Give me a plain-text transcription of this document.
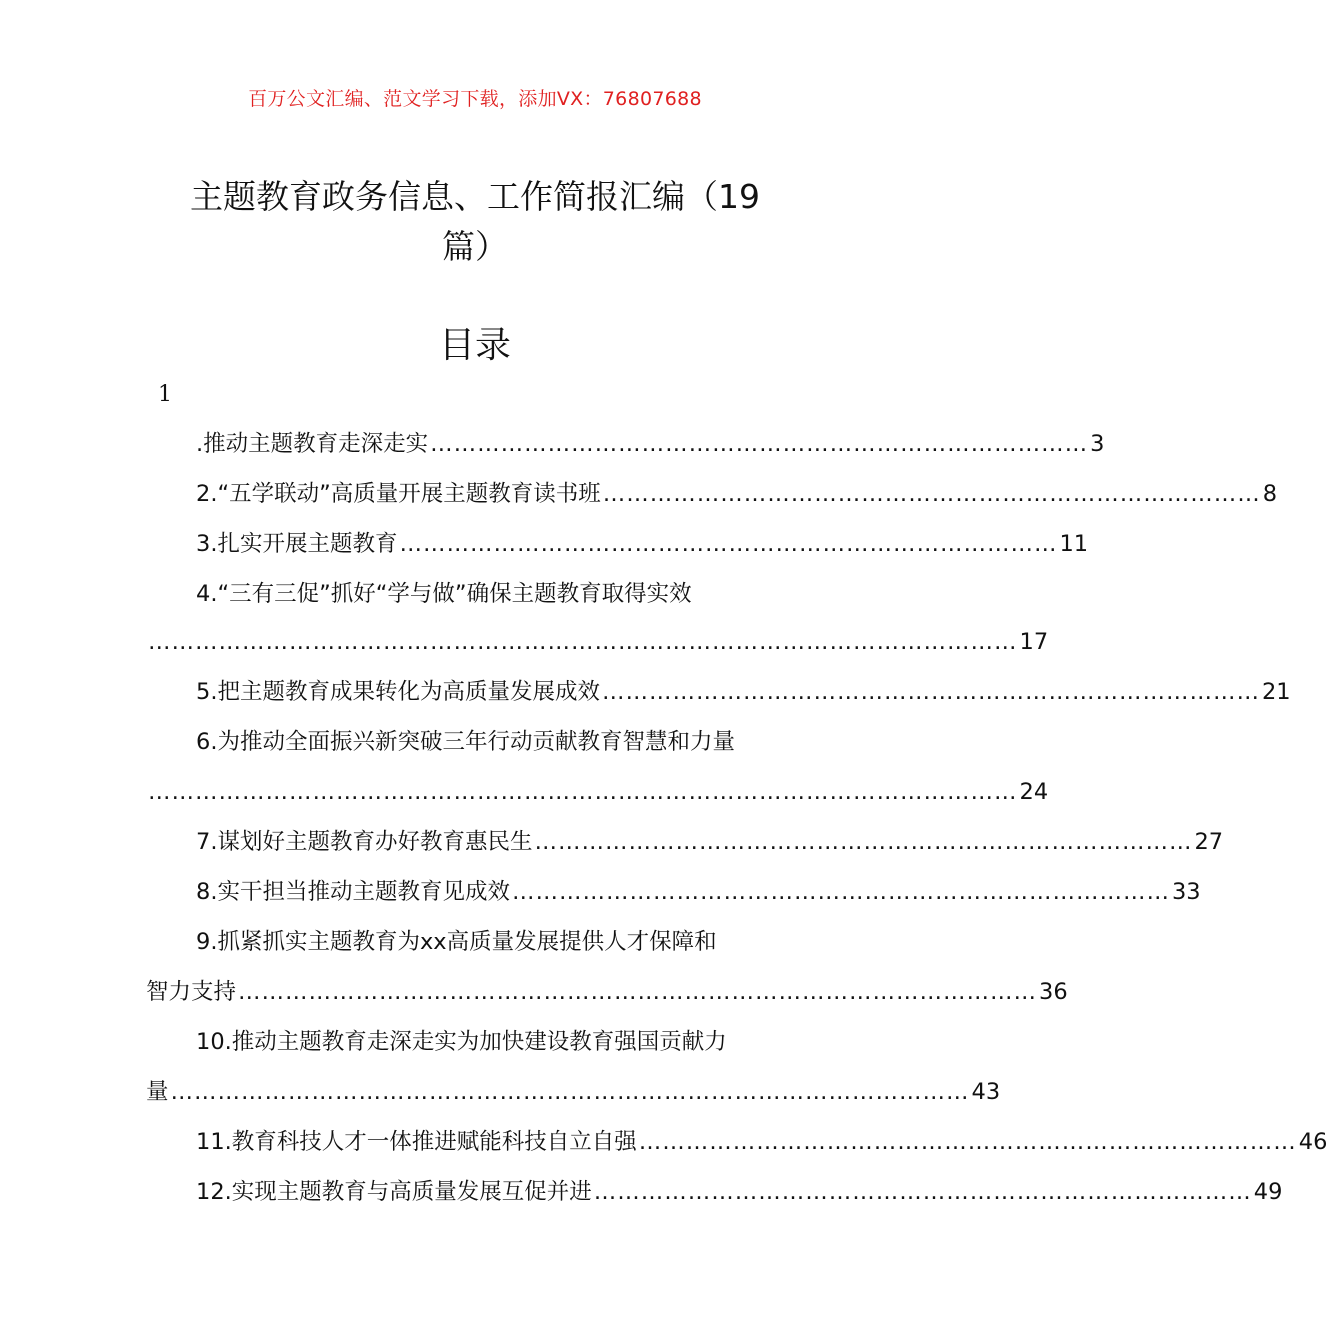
百万公文汇编、范文学习下载，添加VX：76807688
主题教育政务信息、工作简报汇编（19
篇）
目录
1
.推动主题教育走深走实 ………………………………………………………………………… 3
2.“五学联动”高质量开展主题教育读书班 ………………………………………………………………………… 8
3.扎实开展主题教育 ………………………………………………………………………… 11
4.“三有三促”抓好“学与做”确保主题教育取得实效
………………………………………………………………………………………………… 17
5.把主题教育成果转化为高质量发展成效 ………………………………………………………………………… 21
6.为推动全面振兴新突破三年行动贡献教育智慧和力量
………………………………………………………………………………………………… 24
7.谋划好主题教育办好教育惠民生 ………………………………………………………………………… 27
8.实干担当推动主题教育见成效 ………………………………………………………………………… 33
9.抓紧抓实主题教育为xx高质量发展提供人才保障和
智力支持 ………………………………………………………………………………………… 36
10.推动主题教育走深走实为加快建设教育强国贡献力
量 ………………………………………………………………………………………… 43
11.教育科技人才一体推进赋能科技自立自强 ………………………………………………………………………… 46
12.实现主题教育与高质量发展互促并进 ………………………………………………………………………… 49
